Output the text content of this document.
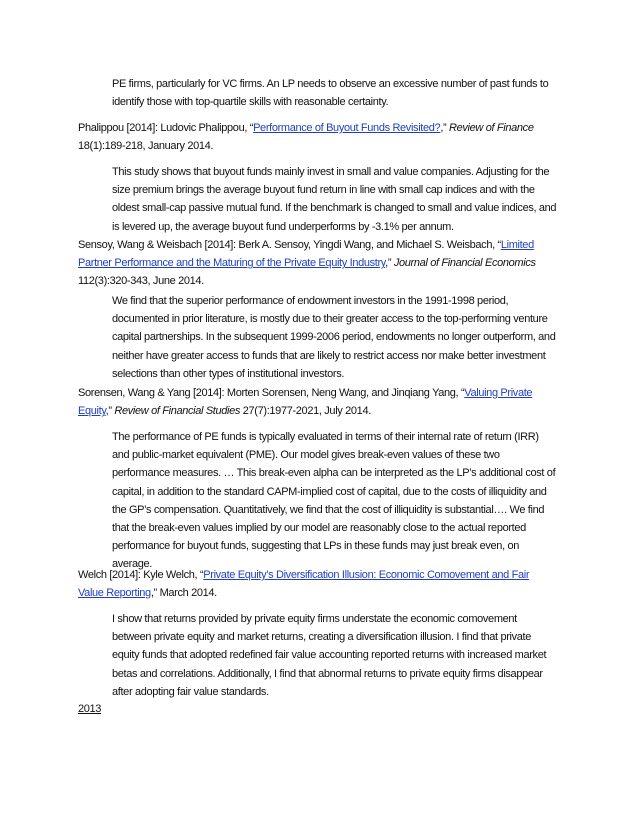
PE firms, particularly for VC firms. An LP needs to observe an excessive number of past funds to identify those with top-quartile skills with reasonable certainty.

Phalippou [2014]: Ludovic Phalippou, “Performance of Buyout Funds Revisited?,” Review of Finance 18(1):189-218, January 2014.

This study shows that buyout funds mainly invest in small and value companies. Adjusting for the size premium brings the average buyout fund return in line with small cap indices and with the oldest small-cap passive mutual fund. If the benchmark is changed to small and value indices, and is levered up, the average buyout fund underperforms by -3.1% per annum.

Sensoy, Wang & Weisbach [2014]: Berk A. Sensoy, Yingdi Wang, and Michael S. Weisbach, “Limited Partner Performance and the Maturing of the Private Equity Industry,” Journal of Financial Economics 112(3):320-343, June 2014.

We find that the superior performance of endowment investors in the 1991-1998 period, documented in prior literature, is mostly due to their greater access to the top-performing venture capital partnerships. In the subsequent 1999-2006 period, endowments no longer outperform, and neither have greater access to funds that are likely to restrict access nor make better investment selections than other types of institutional investors.

Sorensen, Wang & Yang [2014]: Morten Sorensen, Neng Wang, and Jinqiang Yang, “Valuing Private Equity,” Review of Financial Studies 27(7):1977-2021, July 2014.

The performance of PE funds is typically evaluated in terms of their internal rate of return (IRR) and public-market equivalent (PME). Our model gives break-even values of these two performance measures. … This break-even alpha can be interpreted as the LP’s additional cost of capital, in addition to the standard CAPM-implied cost of capital, due to the costs of illiquidity and the GP’s compensation. Quantitatively, we find that the cost of illiquidity is substantial…. We find that the break-even values implied by our model are reasonably close to the actual reported performance for buyout funds, suggesting that LPs in these funds may just break even, on average.

Welch [2014]: Kyle Welch, “Private Equity’s Diversification Illusion: Economic Comovement and Fair Value Reporting,” March 2014.

I show that returns provided by private equity firms understate the economic comovement between private equity and market returns, creating a diversification illusion. I find that private equity funds that adopted redefined fair value accounting reported returns with increased market betas and correlations. Additionally, I find that abnormal returns to private equity firms disappear after adopting fair value standards.

2013
